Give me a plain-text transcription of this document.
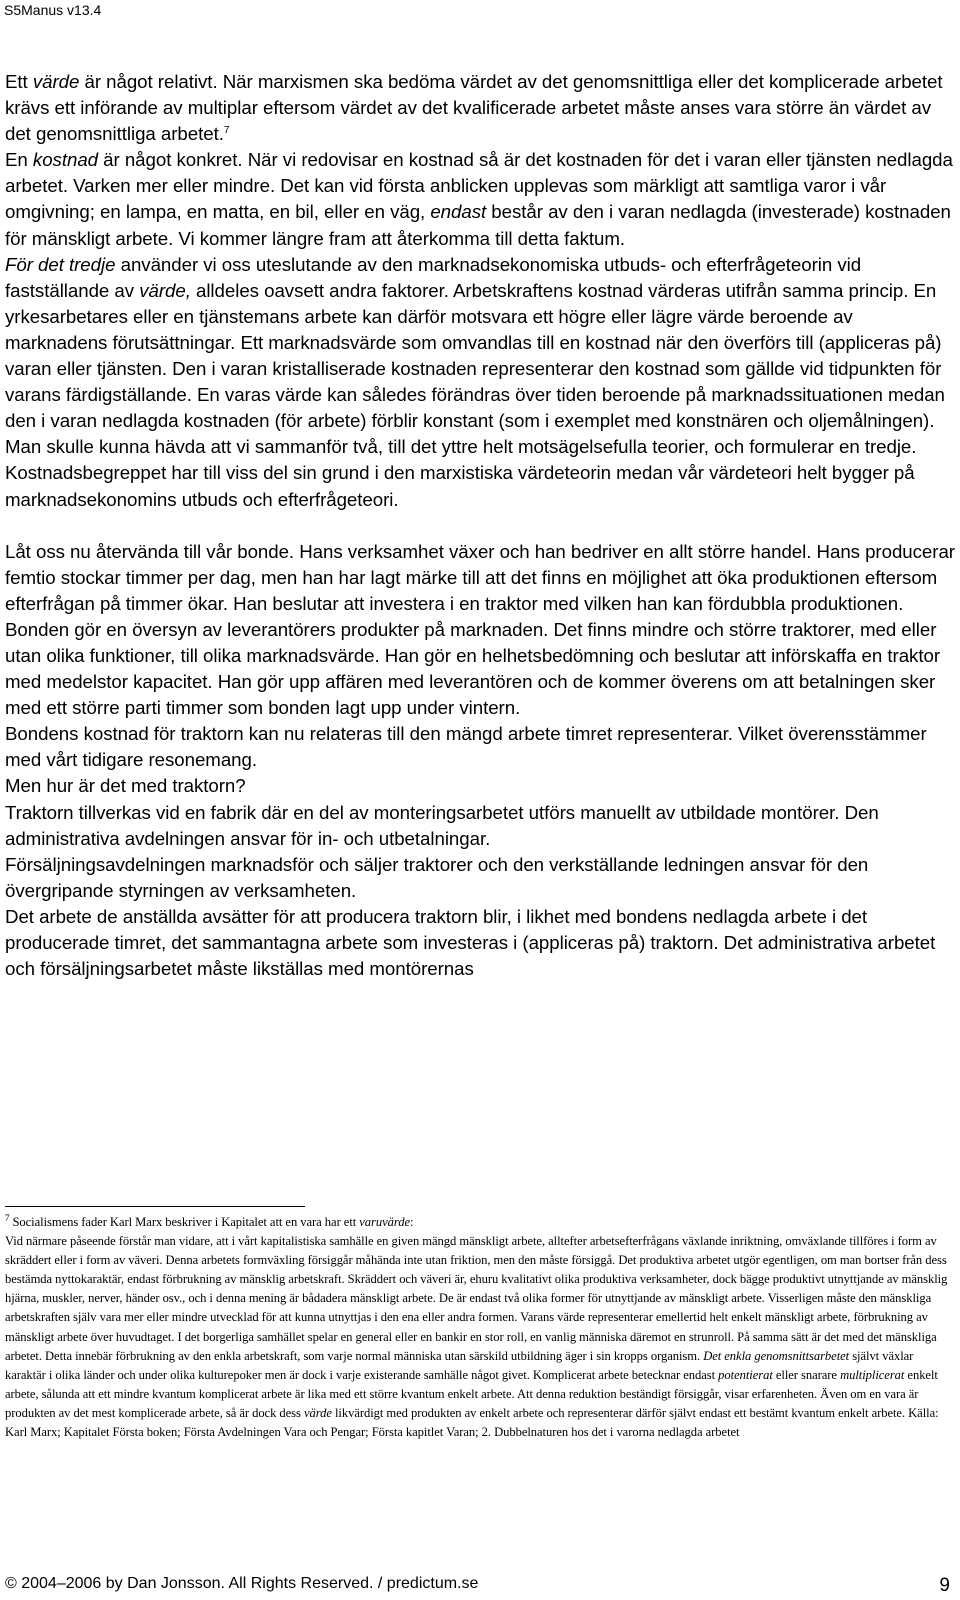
S5Manus v13.4

Ett värde är något relativt. När marxismen ska bedöma värdet av det genomsnittliga eller det komplicerade arbetet krävs ett införande av multiplar eftersom värdet av det kvalificerade arbetet måste anses vara större än värdet av det genomsnittliga arbetet.$^7$

En kostnad är något konkret. När vi redovisar en kostnad så är det kostnaden för det i varan eller tjänsten nedlagda arbetet. Varken mer eller mindre. Det kan vid första anblicken upplevas som märkligt att samtliga varor i vår omgivning; en lampa, en matta, en bil, eller en väg, endast består av den i varan nedlagda (investerade) kostnaden för mänskligt arbete. Vi kommer längre fram att återkomma till detta faktum.

För det tredje använder vi oss uteslutande av den marknadsekonomiska utbuds- och efterfrågeteorin vid fastställande av värde, alldeles oavsett andra faktorer. Arbetskraftens kostnad värderas utifrån samma princip. En yrkesarbetares eller en tjänstemans arbete kan därför motsvara ett högre eller lägre värde beroende av marknadens förutsättningar. Ett marknadsvärde som omvandlas till en kostnad när den överförs till (appliceras på) varan eller tjänsten. Den i varan kristalliserade kostnaden representerar den kostnad som gällde vid tidpunkten för varans färdigställande. En varas värde kan således förändras över tiden beroende på marknadssituationen medan den i varan nedlagda kostnaden (för arbete) förblir konstant (som i exemplet med konstnären och oljemålningen).

Man skulle kunna hävda att vi sammanför två, till det yttre helt motsägelsefulla teorier, och formulerar en tredje. Kostnadsbegreppet har till viss del sin grund i den marxistiska värdeteorin medan vår värdeteori helt bygger på marknadsekonomins utbuds och efterfrågeteori.

Låt oss nu återvända till vår bonde. Hans verksamhet växer och han bedriver en allt större handel. Hans producerar femtio stockar timmer per dag, men han har lagt märke till att det finns en möjlighet att öka produktionen eftersom efterfrågan på timmer ökar. Han beslutar att investera i en traktor med vilken han kan fördubbla produktionen.

Bonden gör en översyn av leverantörers produkter på marknaden. Det finns mindre och större traktorer, med eller utan olika funktioner, till olika marknadsvärde. Han gör en helhetsbedömning och beslutar att införskaffa en traktor med medelstor kapacitet. Han gör upp affären med leverantören och de kommer överens om att betalningen sker med ett större parti timmer som bonden lagt upp under vintern.

Bondens kostnad för traktorn kan nu relateras till den mängd arbete timret representerar. Vilket överensstämmer med vårt tidigare resonemang.

Men hur är det med traktorn?

Traktorn tillverkas vid en fabrik där en del av monteringsarbetet utförs manuellt av utbildade montörer. Den administrativa avdelningen ansvar för in- och utbetalningar.

Försäljningsavdelningen marknadsför och säljer traktorer och den verkställande ledningen ansvar för den övergripande styrningen av verksamheten.

Det arbete de anställda avsätter för att producera traktorn blir, i likhet med bondens nedlagda arbete i det producerade timret, det sammantagna arbete som investeras i (appliceras på) traktorn. Det administrativa arbetet och försäljningsarbetet måste likställas med montörernas

$^7$ Socialismens fader Karl Marx beskriver i Kapitalet att en vara har ett varuvärde:

Vid närmare påseende förstår man vidare, att i vårt kapitalistiska samhälle en given mängd mänskligt arbete, alltefter arbetsefterfrågans växlande inriktning, omväxlande tillföres i form av skräddert eller i form av väveri. Denna arbetets formväxling försiggår måhända inte utan friktion, men den måste försiggå. Det produktiva arbetet utgör egentligen, om man bortser från dess bestämda nyttokaraktär, endast förbrukning av mänsklig arbetskraft. Skräddert och väveri är, ehuru kvalitativt olika produktiva verksamheter, dock bägge produktivt utnyttjande av mänsklig hjärna, muskler, nerver, händer osv., och i denna mening är bådadera mänskligt arbete. De är endast två olika former för utnyttjande av mänskligt arbete. Visserligen måste den mänskliga arbetskraften själv vara mer eller mindre utvecklad för att kunna utnyttjas i den ena eller andra formen. Varans värde representerar emellertid helt enkelt mänskligt arbete, förbrukning av mänskligt arbete över huvudtaget. I det borgerliga samhället spelar en general eller en bankir en stor roll, en vanlig människa däremot en strunroll. På samma sätt är det med det mänskliga arbetet. Detta innebär förbrukning av den enkla arbetskraft, som varje normal människa utan särskild utbildning äger i sin kropps organism. Det enkla genomsnittsarbetet självt växlar karaktär i olika länder och under olika kulturepoker men är dock i varje existerande samhälle något givet. Komplicerat arbete betecknar endast potentierat eller snarare multiplicerat enkelt arbete, sålunda att ett mindre kvantum komplicerat arbete är lika med ett större kvantum enkelt arbete. Att denna reduktion beständigt försiggår, visar erfarenheten. Även om en vara är produkten av det mest komplicerade arbete, så är dock dess värde likvärdigt med produkten av enkelt arbete och representerar därför självt endast ett bestämt kvantum enkelt arbete. Källa: Karl Marx; Kapitalet Första boken; Första Avdelningen Vara och Pengar; Första kapitlet Varan; 2. Dubbelnaturen hos det i varorna nedlagda arbetet

© 2004–2006 by Dan Jonsson. All Rights Reserved. / predictum.se	9
